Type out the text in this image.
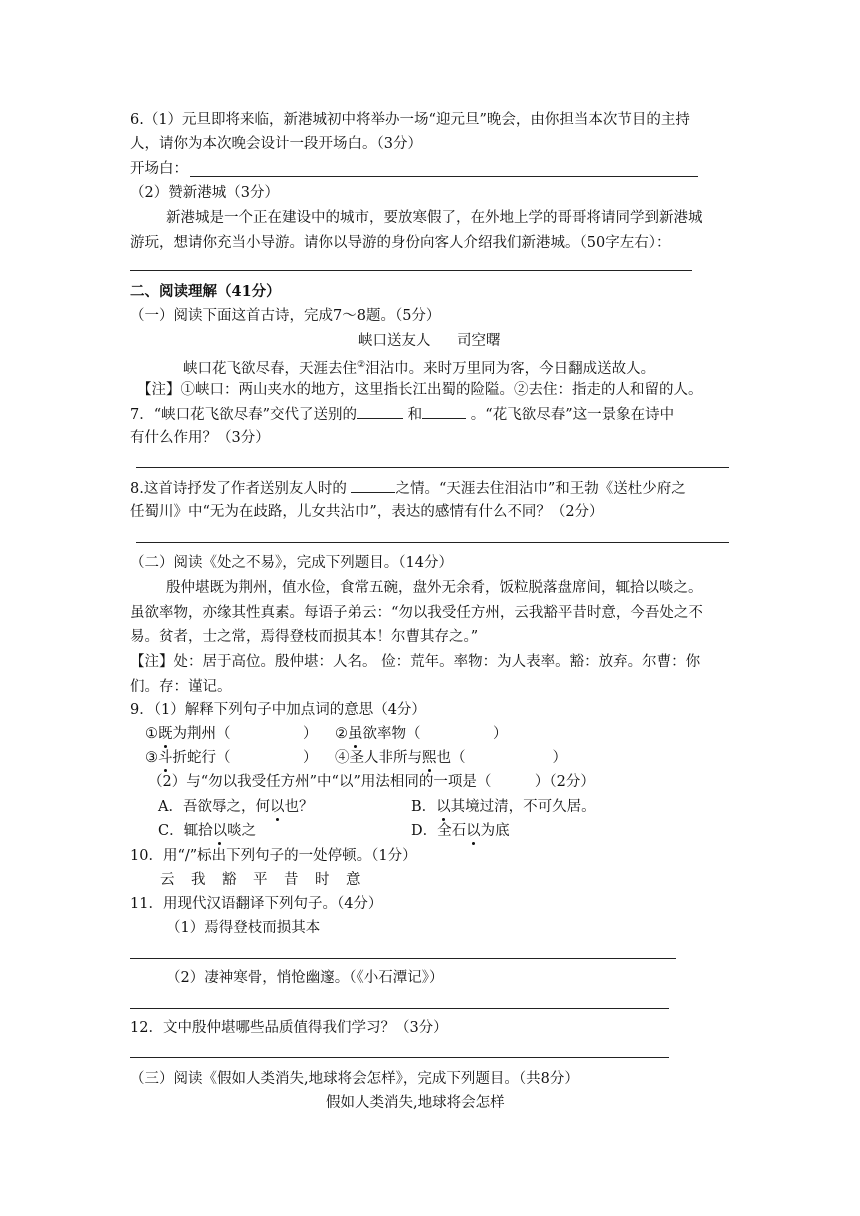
6.（1）元旦即将来临，新港城初中将举办一场“迎元旦”晚会，由你担当本次节目的主持
人，请你为本次晚会设计一段开场白。（3分）
开场白：
（2）赞新港城（3分）
新港城是一个正在建设中的城市，要放寒假了，在外地上学的哥哥将请同学到新港城
游玩，想请你充当小导游。请你以导游的身份向客人介绍我们新港城。（50字左右）：
二、阅读理解（41分）
（一）阅读下面这首古诗，完成7～8题。（5分）
峡口送友人 司空曙
峡口花飞欲尽春，天涯去住②泪沾巾。来时万里同为客，今日翻成送故人。
【注】①峡口：两山夹水的地方，这里指长江出蜀的险隘。②去住：指走的人和留的人。
7．“峡口花飞欲尽春”交代了送别的	和	。“花飞欲尽春”这一景象在诗中
有什么作用？（3分）
8.这首诗抒发了作者送别友人时的	之情。“天涯去住泪沾巾”和王勃《送杜少府之
任蜀川》中“无为在歧路，儿女共沾巾”，表达的感情有什么不同？（2分）
（二）阅读《处之不易》，完成下列题目。（14分）
殷仲堪既为荆州，值水俭，食常五碗，盘外无余肴，饭粒脱落盘席间，辄拾以啖之。
虽欲率物，亦缘其性真素。每语子弟云：“勿以我受任方州，云我豁平昔时意，今吾处之不
易。贫者，士之常，焉得登枝而损其本！尔曹其存之。”
【注】处：居于高位。殷仲堪：人名。 俭：荒年。率物：为人表率。豁：放弃。尔曹：你
们。存：谨记。
9．（1）解释下列句子中加点词的意思（4分）
①既为荆州（　　　　　） ②虽欲率物（　　　　　）
③斗折蛇行（　　　　　） ④圣人非所与熙也（　　　　　　）
（2）与“勿以我受任方州”中“以”用法相同的一项是（　　　）（2分）
A．吾欲辱之，何以也？	B．以其境过清，不可久居。
C．辄拾以啖之	D．全石以为底
10．用“/”标出下列句子的一处停顿。（1分）
云　我　豁　平　昔　时　意
11．用现代汉语翻译下列句子。（4分）
（1）焉得登枝而损其本
（2）凄神寒骨，悄怆幽邃。（《小石潭记》）
12．文中殷仲堪哪些品质值得我们学习？（3分）
（三）阅读《假如人类消失,地球将会怎样》，完成下列题目。（共8分）
假如人类消失,地球将会怎样
